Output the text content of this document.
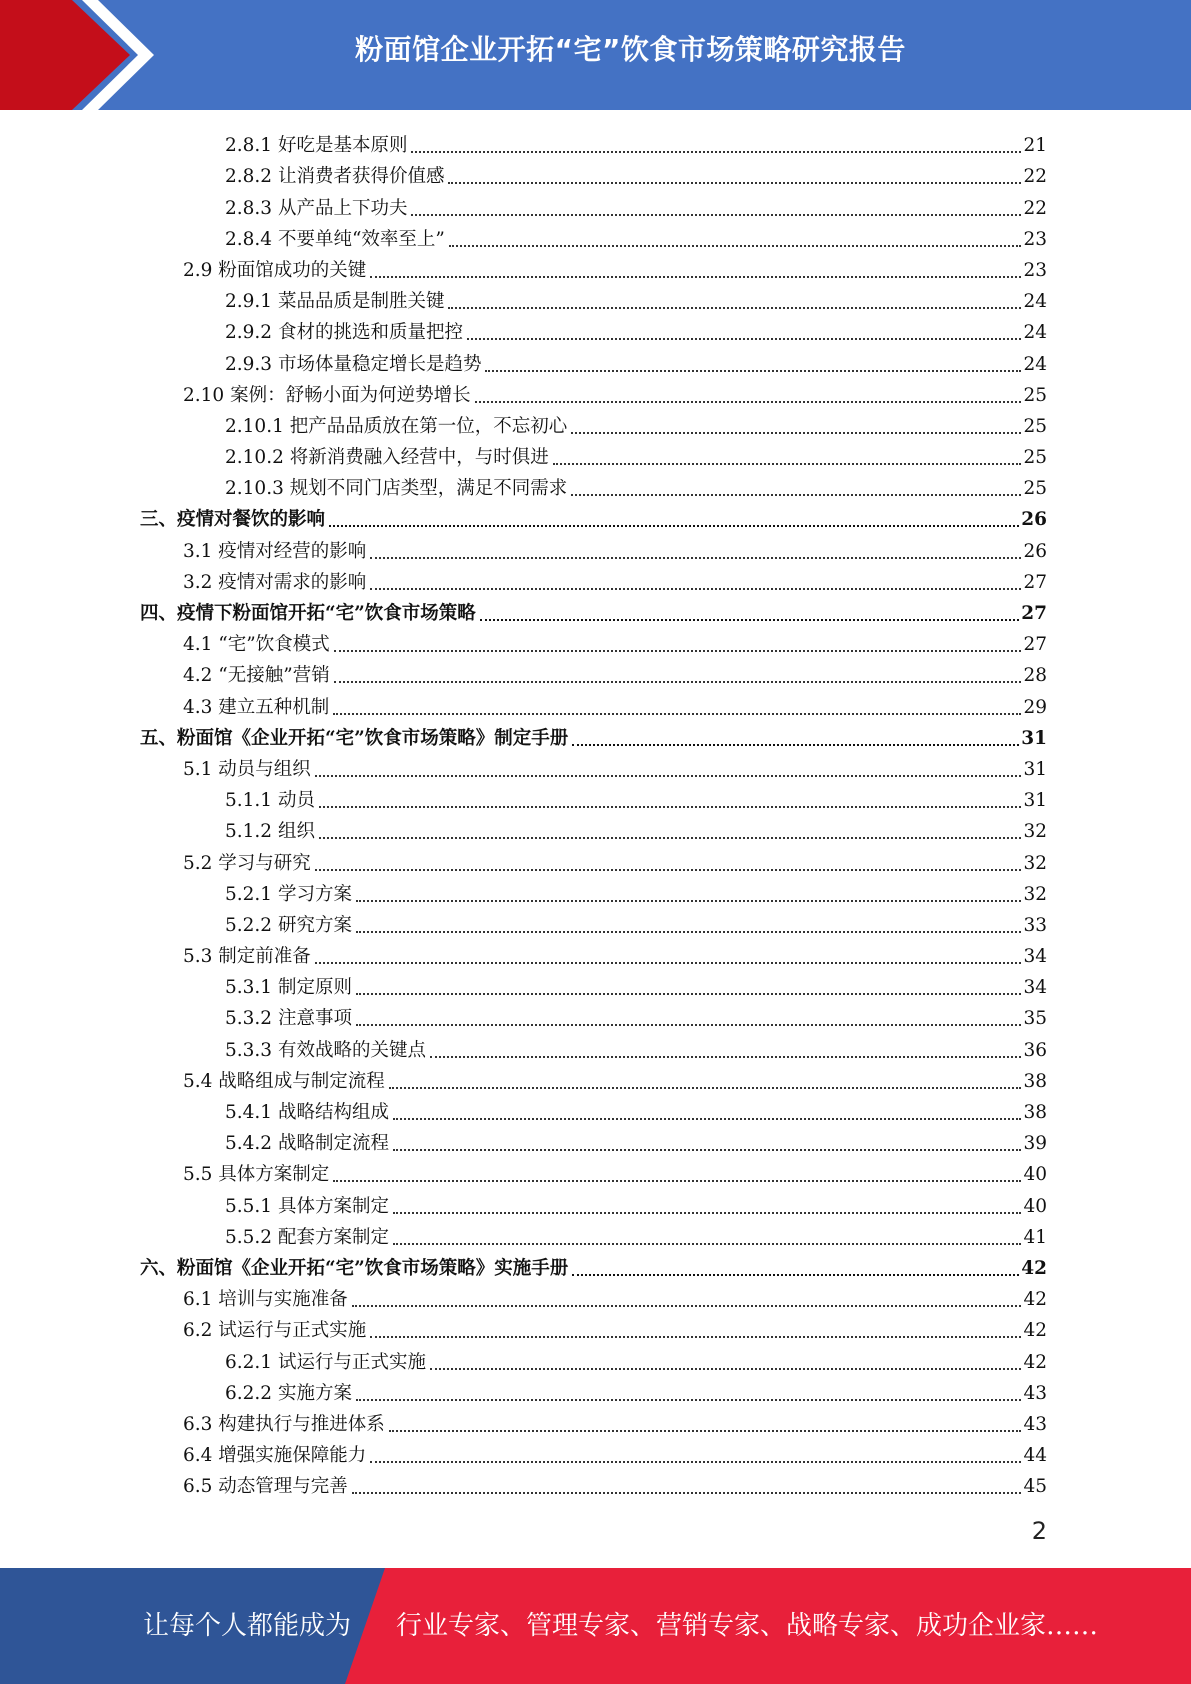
粉面馆企业开拓“宅”饮食市场策略研究报告
2.8.1 好吃是基本原则	21
2.8.2 让消费者获得价值感	22
2.8.3 从产品上下功夫	22
2.8.4 不要单纯“效率至上”	23
2.9 粉面馆成功的关键	23
2.9.1 菜品品质是制胜关键	24
2.9.2 食材的挑选和质量把控	24
2.9.3 市场体量稳定增长是趋势	24
2.10 案例：舒畅小面为何逆势增长	25
2.10.1 把产品品质放在第一位，不忘初心	25
2.10.2 将新消费融入经营中，与时俱进	25
2.10.3 规划不同门店类型，满足不同需求	25
三、疫情对餐饮的影响	26
3.1 疫情对经营的影响	26
3.2 疫情对需求的影响	27
四、疫情下粉面馆开拓“宅”饮食市场策略	27
4.1 “宅”饮食模式	27
4.2 “无接触”营销	28
4.3 建立五种机制	29
五、粉面馆《企业开拓“宅”饮食市场策略》制定手册	31
5.1 动员与组织	31
5.1.1 动员	31
5.1.2 组织	32
5.2 学习与研究	32
5.2.1 学习方案	32
5.2.2 研究方案	33
5.3 制定前准备	34
5.3.1 制定原则	34
5.3.2 注意事项	35
5.3.3 有效战略的关键点	36
5.4 战略组成与制定流程	38
5.4.1 战略结构组成	38
5.4.2 战略制定流程	39
5.5 具体方案制定	40
5.5.1 具体方案制定	40
5.5.2 配套方案制定	41
六、粉面馆《企业开拓“宅”饮食市场策略》实施手册	42
6.1 培训与实施准备	42
6.2 试运行与正式实施	42
6.2.1 试运行与正式实施	42
6.2.2 实施方案	43
6.3 构建执行与推进体系	43
6.4 增强实施保障能力	44
6.5 动态管理与完善	45
2
让每个人都能成为 行业专家、管理专家、营销专家、战略专家、成功企业家……
